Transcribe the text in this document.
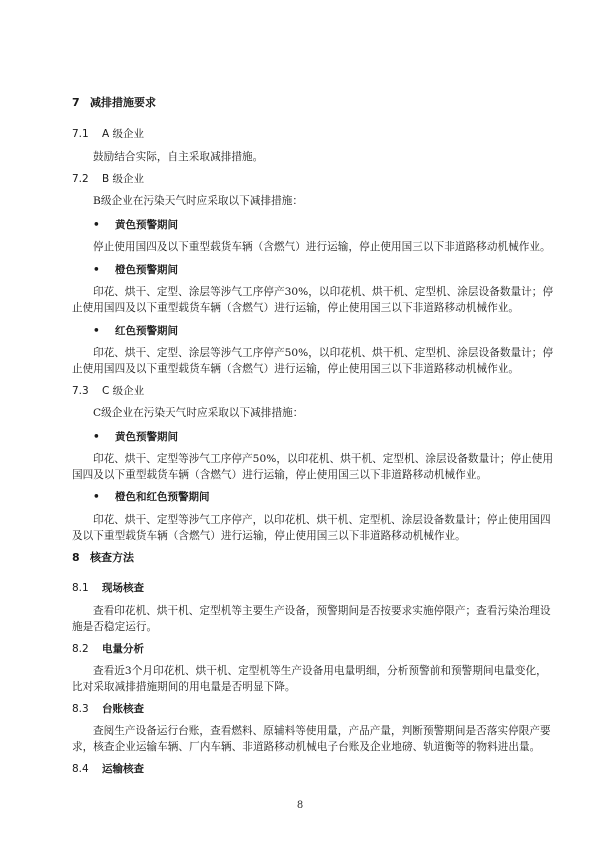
7 减排措施要求
7.1 A 级企业
鼓励结合实际，自主采取减排措施。
7.2 B 级企业
B级企业在污染天气时应采取以下减排措施：
• 黄色预警期间
停止使用国四及以下重型载货车辆（含燃气）进行运输，停止使用国三以下非道路移动机械作业。
• 橙色预警期间
印花、烘干、定型、涂层等涉气工序停产30%，以印花机、烘干机、定型机、涂层设备数量计；停
止使用国四及以下重型载货车辆（含燃气）进行运输，停止使用国三以下非道路移动机械作业。
• 红色预警期间
印花、烘干、定型、涂层等涉气工序停产50%，以印花机、烘干机、定型机、涂层设备数量计；停
止使用国四及以下重型载货车辆（含燃气）进行运输，停止使用国三以下非道路移动机械作业。
7.3 C 级企业
C级企业在污染天气时应采取以下减排措施：
• 黄色预警期间
印花、烘干、定型等涉气工序停产50%，以印花机、烘干机、定型机、涂层设备数量计；停止使用
国四及以下重型载货车辆（含燃气）进行运输，停止使用国三以下非道路移动机械作业。
• 橙色和红色预警期间
印花、烘干、定型等涉气工序停产，以印花机、烘干机、定型机、涂层设备数量计；停止使用国四
及以下重型载货车辆（含燃气）进行运输，停止使用国三以下非道路移动机械作业。
8 核查方法
8.1 现场核查
查看印花机、烘干机、定型机等主要生产设备，预警期间是否按要求实施停限产；查看污染治理设
施是否稳定运行。
8.2 电量分析
查看近3个月印花机、烘干机、定型机等生产设备用电量明细，分析预警前和预警期间电量变化，
比对采取减排措施期间的用电量是否明显下降。
8.3 台账核查
查阅生产设备运行台账，查看燃料、原辅料等使用量，产品产量，判断预警期间是否落实停限产要
求，核查企业运输车辆、厂内车辆、非道路移动机械电子台账及企业地磅、轨道衡等的物料进出量。
8.4 运输核查
8
